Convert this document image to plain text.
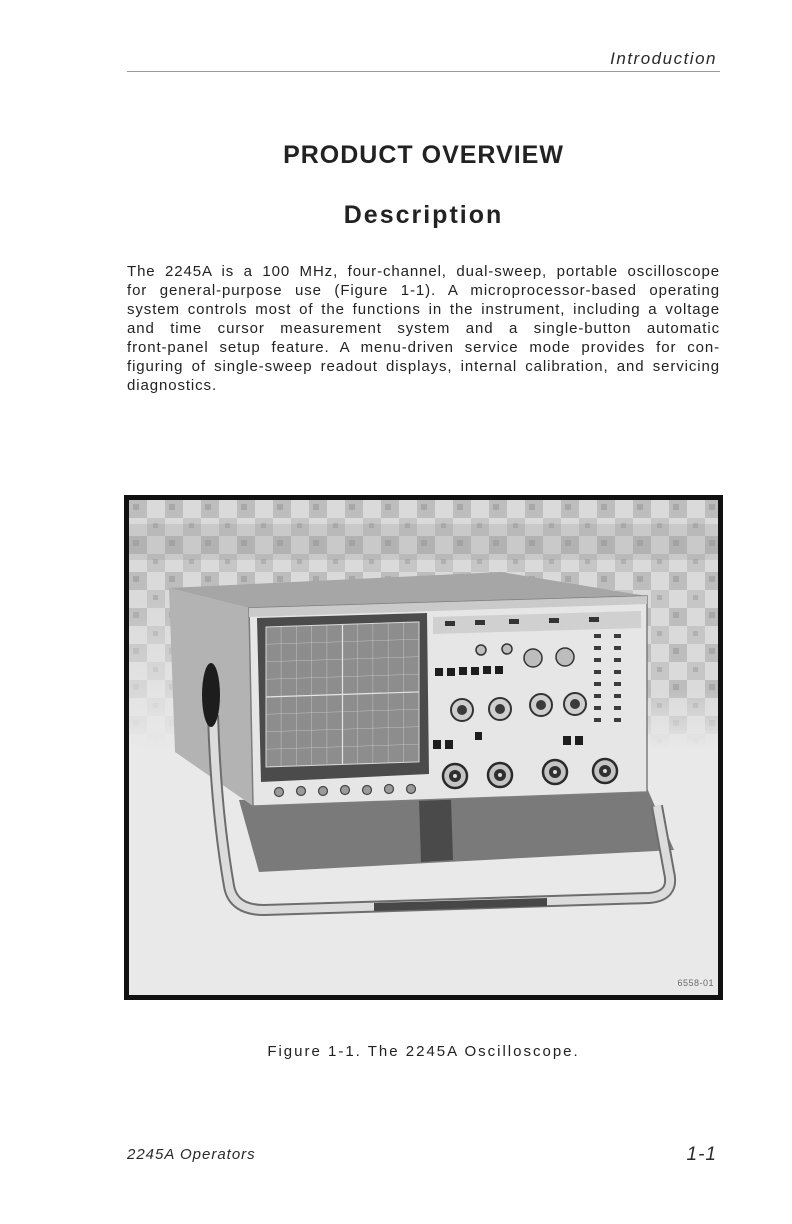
Introduction
PRODUCT OVERVIEW
Description
The 2245A is a 100 MHz, four-channel, dual-sweep, portable oscilloscope
for general-purpose use (Figure 1-1). A microprocessor-based operating
system controls most of the functions in the instrument, including a voltage
and time cursor measurement system and a single-button automatic
front-panel setup feature. A menu-driven service mode provides for con-
figuring of single-sweep readout displays, internal calibration, and servicing
diagnostics.
6558-01
Figure 1-1. The 2245A Oscilloscope.
2245A Operators	1-1
